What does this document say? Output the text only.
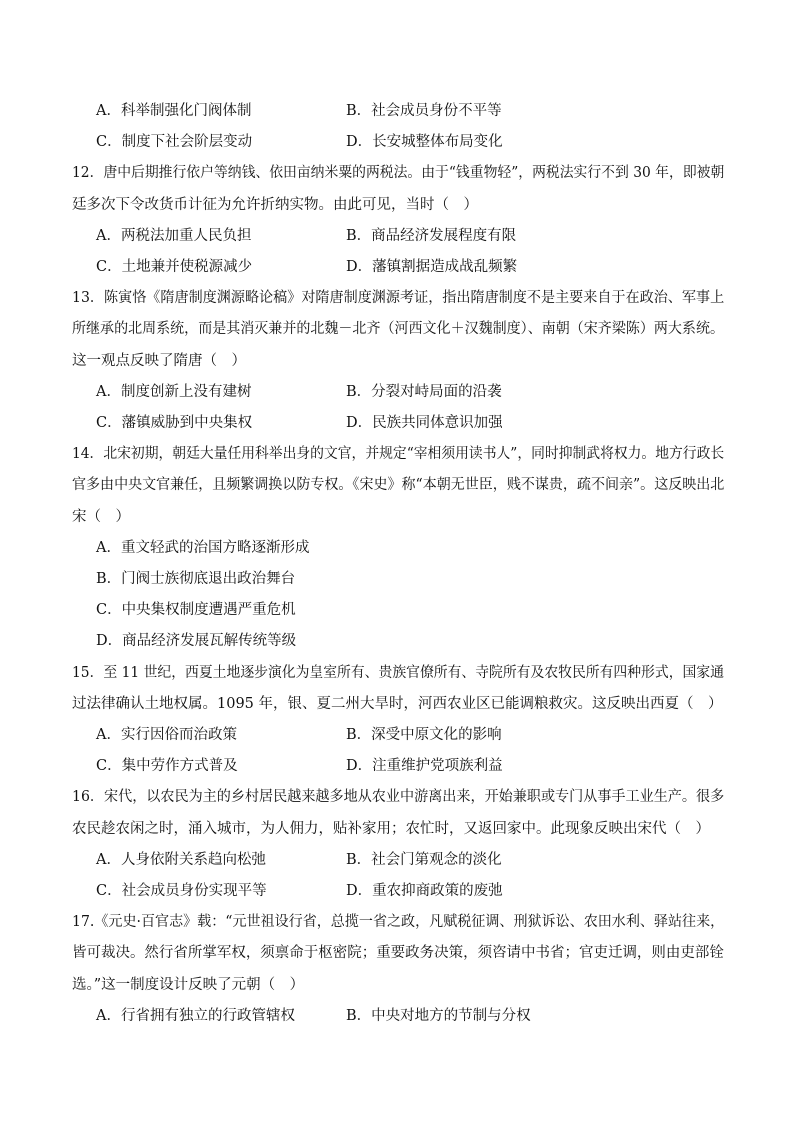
A．科举制强化门阀体制	B．社会成员身份不平等
C．制度下社会阶层变动	D．长安城整体布局变化
12．唐中后期推行依户等纳钱、依田亩纳米粟的两税法。由于“钱重物轻”，两税法实行不到 30 年，即被朝
廷多次下令改货币计征为允许折纳实物。由此可见，当时（　）
A．两税法加重人民负担	B．商品经济发展程度有限
C．土地兼并使税源减少	D．藩镇割据造成战乱频繁
13．陈寅恪《隋唐制度渊源略论稿》对隋唐制度渊源考证，指出隋唐制度不是主要来自于在政治、军事上
所继承的北周系统，而是其消灭兼并的北魏－北齐（河西文化＋汉魏制度）、南朝（宋齐梁陈）两大系统。
这一观点反映了隋唐（　）
A．制度创新上没有建树	B．分裂对峙局面的沿袭
C．藩镇威胁到中央集权	D．民族共同体意识加强
14．北宋初期，朝廷大量任用科举出身的文官，并规定“宰相须用读书人”，同时抑制武将权力。地方行政长
官多由中央文官兼任，且频繁调换以防专权。《宋史》称“本朝无世臣，贱不谋贵，疏不间亲”。这反映出北
宋（　）
A．重文轻武的治国方略逐渐形成
B．门阀士族彻底退出政治舞台
C．中央集权制度遭遇严重危机
D．商品经济发展瓦解传统等级
15．至 11 世纪，西夏土地逐步演化为皇室所有、贵族官僚所有、寺院所有及农牧民所有四种形式，国家通
过法律确认土地权属。1095 年，银、夏二州大旱时，河西农业区已能调粮救灾。这反映出西夏（　）
A．实行因俗而治政策	B．深受中原文化的影响
C．集中劳作方式普及	D．注重维护党项族利益
16．宋代，以农民为主的乡村居民越来越多地从农业中游离出来，开始兼职或专门从事手工业生产。很多
农民趁农闲之时，涌入城市，为人佣力，贴补家用；农忙时，又返回家中。此现象反映出宋代（　）
A．人身依附关系趋向松弛	B．社会门第观念的淡化
C．社会成员身份实现平等	D．重农抑商政策的废弛
17.《元史·百官志》载：“元世祖设行省，总揽一省之政，凡赋税征调、刑狱诉讼、农田水利、驿站往来，
皆可裁决。然行省所掌军权，须禀命于枢密院；重要政务决策，须咨请中书省；官吏迁调，则由吏部铨
选。”这一制度设计反映了元朝（　）
A．行省拥有独立的行政管辖权	B．中央对地方的节制与分权
